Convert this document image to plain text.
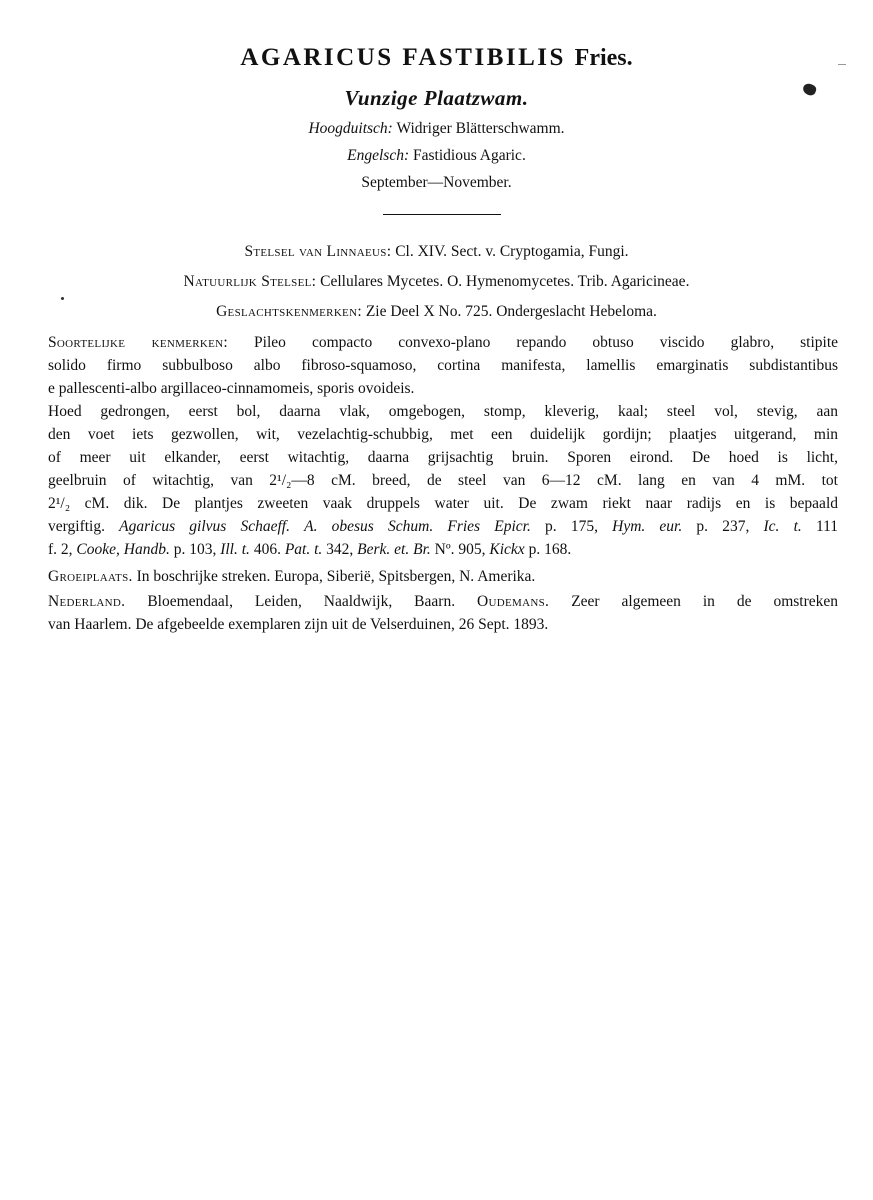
AGARICUS FASTIBILIS Fries.
Vunzige Plaatzwam.
Hoogduitsch: Widriger Blätterschwamm.
Engelsch: Fastidious Agaric.
September—November.
Stelsel van Linnaeus: Cl. XIV. Sect. v. Cryptogamia, Fungi.
Natuurlijk Stelsel: Cellulares Mycetes. O. Hymenomycetes. Trib. Agaricineae.
Geslachtskenmerken: Zie Deel X No. 725. Ondergeslacht Hebeloma.
Soortelijke kenmerken: Pileo compacto convexo-plano repando obtuso viscido glabro, stipite
solido firmo subbulboso albo fibroso-squamoso, cortina manifesta, lamellis emarginatis subdistantibus
e pallescenti-albo argillaceo-cinnamomeis, sporis ovoideis.
Hoed gedrongen, eerst bol, daarna vlak, omgebogen, stomp, kleverig, kaal; steel vol, stevig, aan
den voet iets gezwollen, wit, vezelachtig-schubbig, met een duidelijk gordijn; plaatjes uitgerand, min
of meer uit elkander, eerst witachtig, daarna grijsachtig bruin. Sporen eirond. De hoed is licht,
geelbruin of witachtig, van 2¹/₂—8 cM. breed, de steel van 6—12 cM. lang en van 4 mM. tot
2¹/₂ cM. dik. De plantjes zweeten vaak druppels water uit. De zwam riekt naar radijs en is bepaald
vergiftig. Agaricus gilvus Schaeff. A. obesus Schum. Fries Epicr. p. 175, Hym. eur. p. 237, Ic. t. 111
f. 2, Cooke, Handb. p. 103, Ill. t. 406. Pat. t. 342, Berk. et. Br. Nº. 905, Kickx p. 168.
Groeiplaats. In boschrijke streken. Europa, Siberië, Spitsbergen, N. Amerika.
Nederland. Bloemendaal, Leiden, Naaldwijk, Baarn. Oudemans. Zeer algemeen in de omstreken
van Haarlem. De afgebeelde exemplaren zijn uit de Velserduinen, 26 Sept. 1893.
